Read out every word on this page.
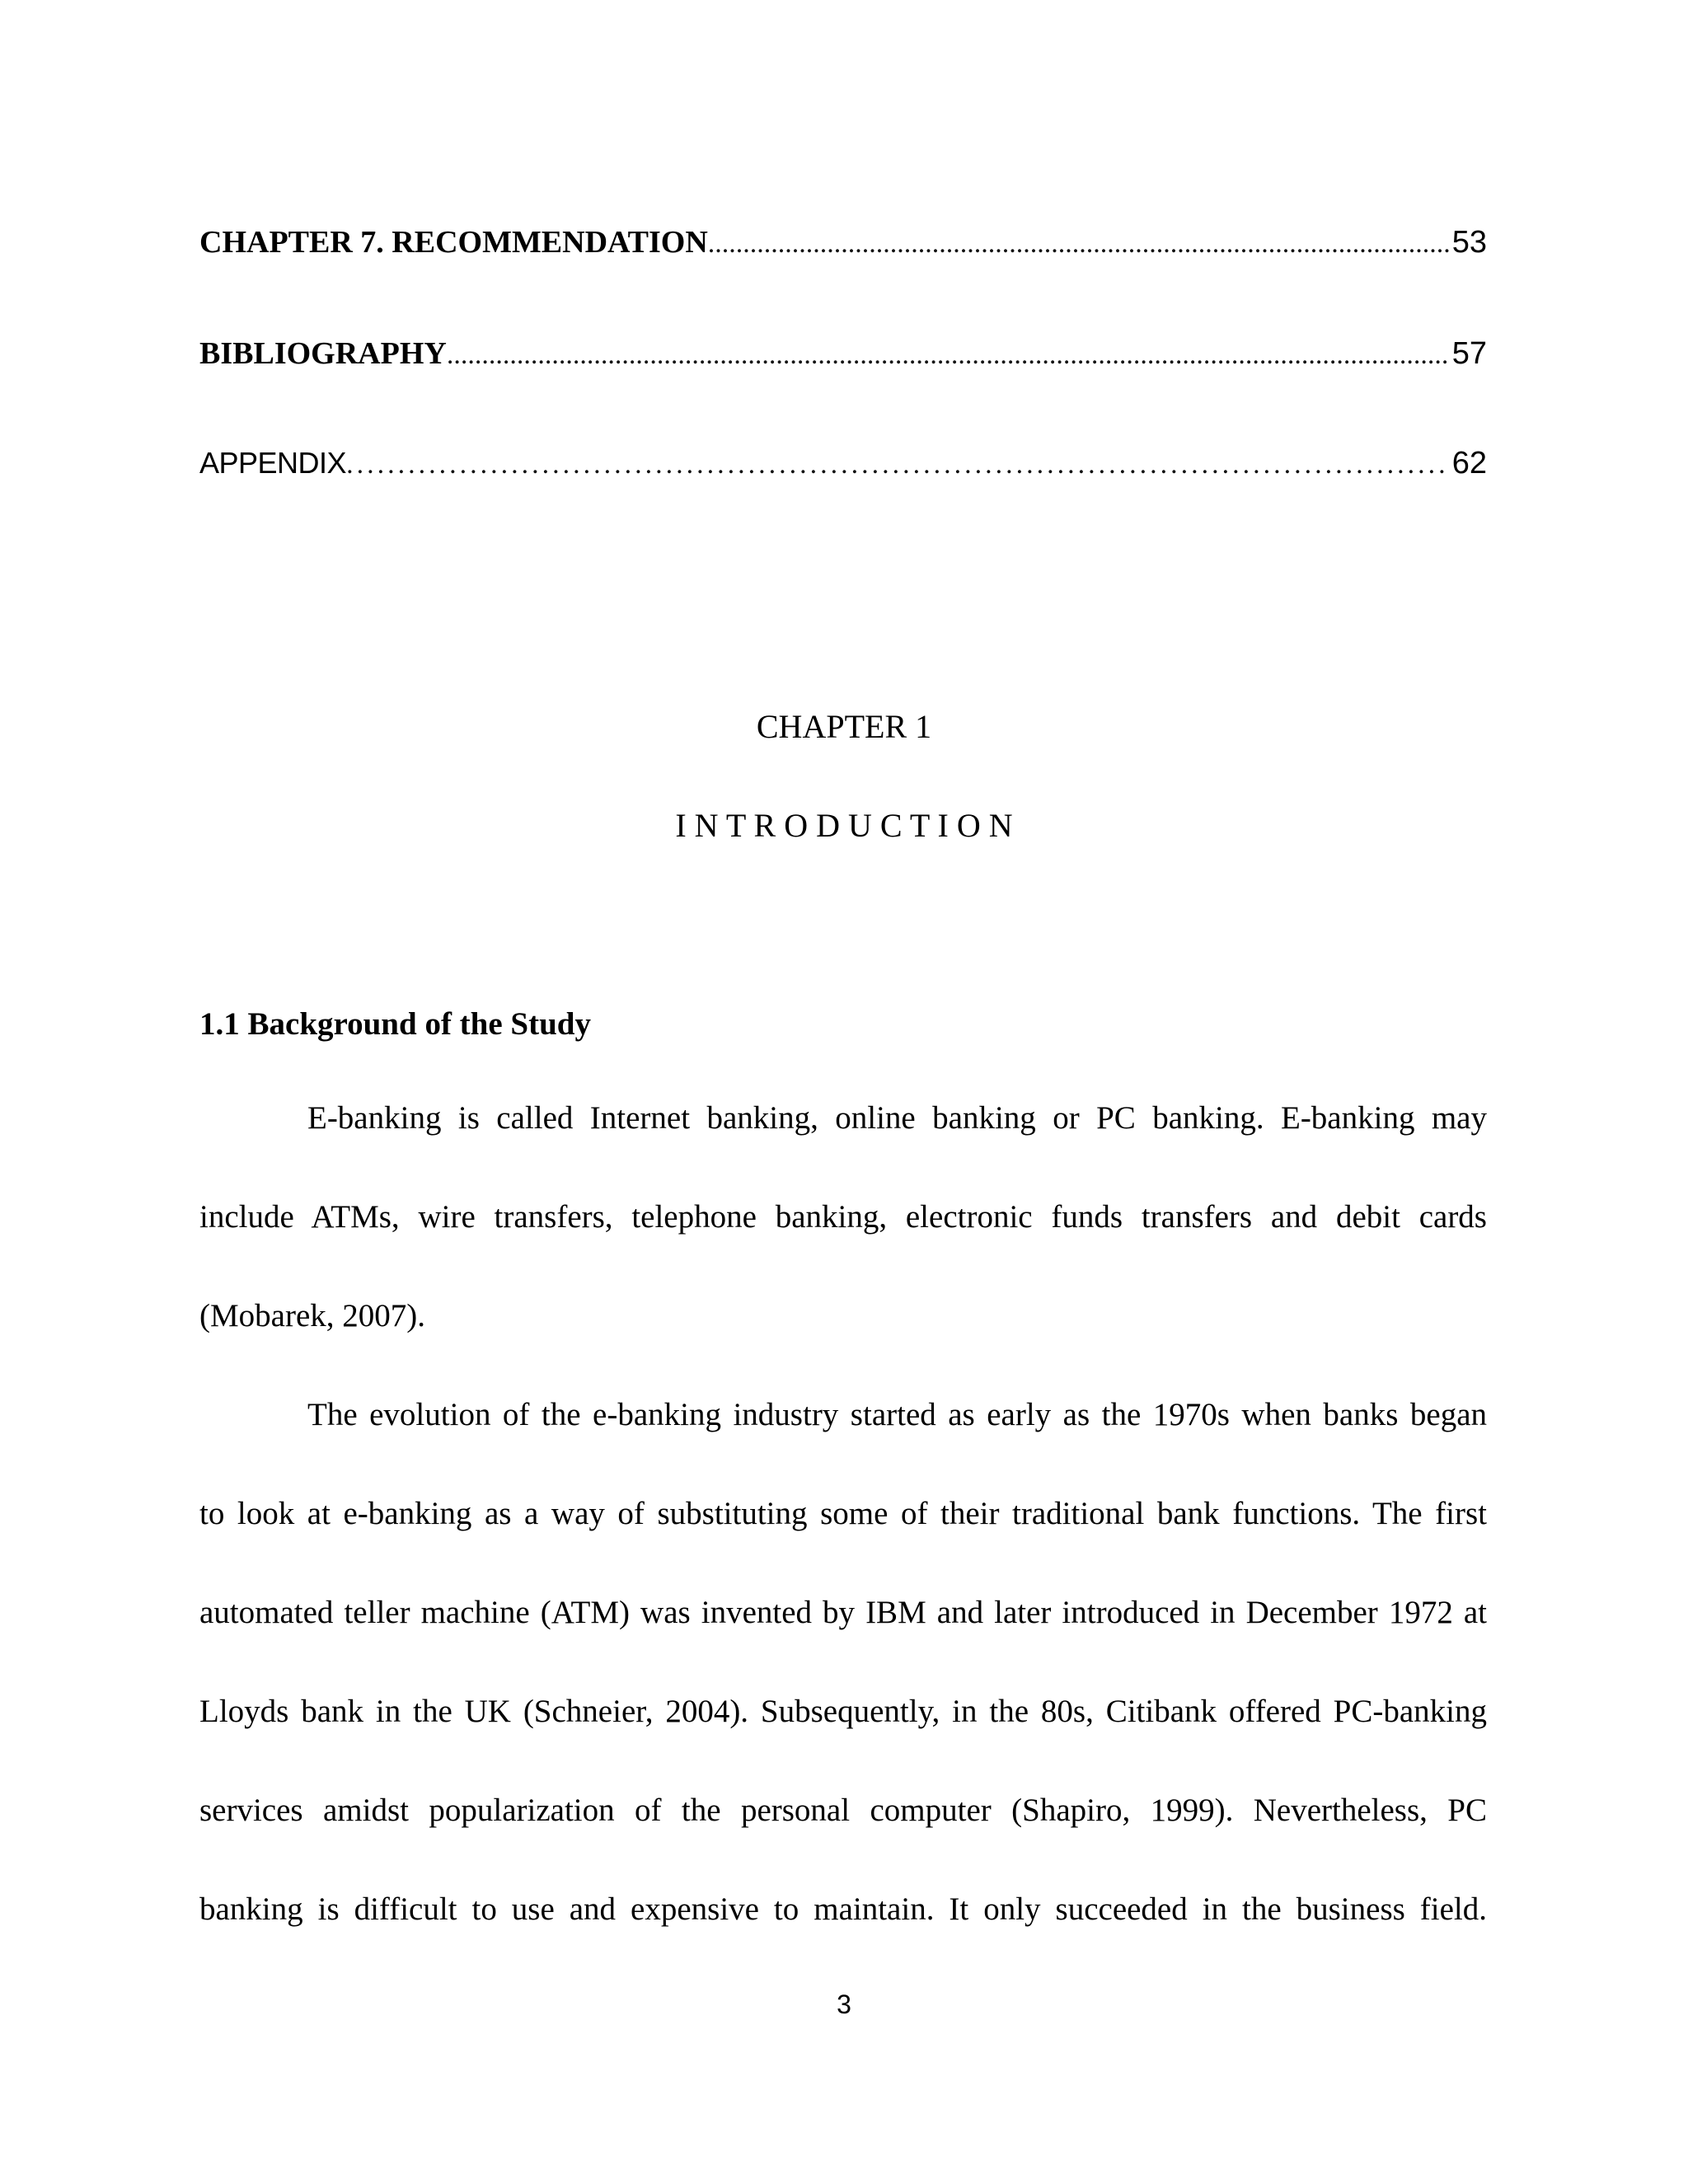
CHAPTER 7. RECOMMENDATION .....	53
BIBLIOGRAPHY .....	57
APPENDIX .....	62
CHAPTER 1
I N T R O D U C T I O N
1.1 Background of the Study
E-banking is called Internet banking, online banking or PC banking. E-banking may
include ATMs, wire transfers, telephone banking, electronic funds transfers and debit cards
(Mobarek, 2007).
The evolution of the e-banking industry started as early as the 1970s when banks began
to look at e-banking as a way of substituting some of their traditional bank functions. The first
automated teller machine (ATM) was invented by IBM and later introduced in December 1972 at
Lloyds bank in the UK (Schneier, 2004). Subsequently, in the 80s, Citibank offered PC-banking
services amidst popularization of the personal computer (Shapiro, 1999). Nevertheless, PC
banking is difficult to use and expensive to maintain. It only succeeded in the business field.
3
